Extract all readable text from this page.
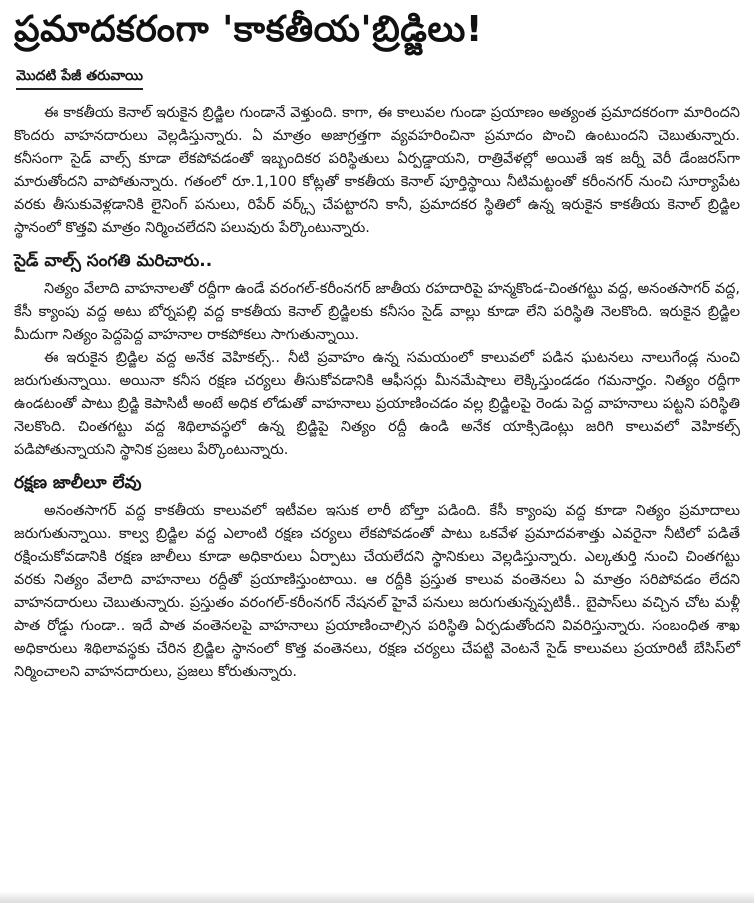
ప్రమాదకరంగా 'కాకతీయ'బ్రిడ్జిలు!
మొదటి పేజీ తరువాయి

ఈ కాకతీయ కెనాల్ ఇరుకైన బ్రిడ్జిల గుండానే వెళ్తుంది. కాగా, ఈ కాలువల గుండా ప్రయాణం అత్యంత ప్రమాదకరంగా మారిందని కొందరు వాహనదారులు వెల్లడిస్తున్నారు. ఏ మాత్రం అజాగ్రత్తగా వ్యవహరించినా ప్రమాదం పొంచి ఉంటుందని చెబుతున్నారు. కనీసంగా సైడ్ వాల్స్ కూడా లేకపోవడంతో ఇబ్బందికర పరిస్థితులు ఏర్పడ్డాయని, రాత్రివేళల్లో అయితే ఇక జర్నీ వెరీ డేంజరస్‌గా మారుతోందని వాపోతున్నారు. గతంలో రూ.1,100 కోట్లతో కాకతీయ కెనాల్ పూర్తిస్థాయి నీటిమట్టంతో కరీంనగర్ నుంచి సూర్యాపేట వరకు తీసుకువెళ్లడానికి లైనింగ్ పనులు, రిపేర్ వర్క్స్ చేపట్టారని కానీ, ప్రమాదకర స్థితిలో ఉన్న ఇరుకైన కాకతీయ కెనాల్ బ్రిడ్జిల స్థానంలో కొత్తవి మాత్రం నిర్మించలేదని పలువురు పేర్కొంటున్నారు.

సైడ్ వాల్స్ సంగతి మరిచారు..

నిత్యం వేలాది వాహనాలతో రద్దీగా ఉండే వరంగల్-కరీంనగర్ జాతీయ రహదారిపై హన్మకొండ-చింతగట్టు వద్ద, అనంతసాగర్ వద్ద, కేసీ క్యాంపు వద్ద అటు బోర్నపల్లి వద్ద కాకతీయ కెనాల్ బ్రిడ్జిలకు కనీసం సైడ్ వాల్లు కూడా లేని పరిస్థితి నెలకొంది. ఇరుకైన బ్రిడ్జిల మీదుగా నిత్యం పెద్దపెద్ద వాహనాల రాకపోకలు సాగుతున్నాయి.

ఈ ఇరుకైన బ్రిడ్జిల వద్ద అనేక వెహికల్స్.. నీటి ప్రవాహం ఉన్న సమయంలో కాలువలో పడిన ఘటనలు నాలుగేండ్ల నుంచి జరుగుతున్నాయి. అయినా కనీస రక్షణ చర్యలు తీసుకోవడానికి ఆఫీసర్లు మీనమేషాలు లెక్కిస్తుండడం గమనార్హం. నిత్యం రద్దీగా ఉండటంతో పాటు బ్రిడ్జి కెపాసిటీ అంటే అధిక లోడుతో వాహనాలు ప్రయాణించడం వల్ల బ్రిడ్జిలపై రెండు పెద్ద వాహనాలు పట్టని పరిస్థితి నెలకొంది. చింతగట్టు వద్ద శిథిలావస్థలో ఉన్న బ్రిడ్జిపై నిత్యం రద్దీ ఉండి అనేక యాక్సిడెంట్లు జరిగి కాలువలో వెహికల్స్ పడిపోతున్నాయని స్థానిక ప్రజలు పేర్కొంటున్నారు.

రక్షణ జాలీలూ లేవు

అనంతసాగర్ వద్ద కాకతీయ కాలువలో ఇటీవల ఇసుక లారీ బోల్తా పడింది. కేసీ క్యాంపు వద్ద కూడా నిత్యం ప్రమాదాలు జరుగుతున్నాయి. కాల్వ బ్రిడ్జిల వద్ద ఎలాంటి రక్షణ చర్యలు లేకపోవడంతో పాటు ఒకవేళ ప్రమాదవశాత్తు ఎవరైనా నీటిలో పడితే రక్షించుకోవడానికి రక్షణ జాలీలు కూడా అధికారులు ఏర్పాటు చేయలేదని స్థానికులు వెల్లడిస్తున్నారు. ఎల్కతుర్తి నుంచి చింతగట్టు వరకు నిత్యం వేలాది వాహనాలు రద్దీతో ప్రయాణిస్తుంటాయి. ఆ రద్దీకి ప్రస్తుత కాలువ వంతెనలు ఏ మాత్రం సరిపోవడం లేదని వాహనదారులు చెబుతున్నారు. ప్రస్తుతం వరంగల్-కరీంనగర్ నేషనల్ హైవే పనులు జరుగుతున్నప్పటికీ.. బైపాస్‌లు వచ్చిన చోట మళ్లీ పాత రోడ్డు గుండా.. ఇదే పాత వంతెనలపై వాహనాలు ప్రయాణించాల్సిన పరిస్థితి ఏర్పడుతోందని వివరిస్తున్నారు. సంబంధిత శాఖ అధికారులు శిథిలావస్థకు చేరిన బ్రిడ్జిల స్థానంలో కొత్త వంతెనలు, రక్షణ చర్యలు చేపట్టి వెంటనే సైడ్ కాలువలు ప్రయారిటీ బేసిస్‌లో నిర్మించాలని వాహనదారులు, ప్రజలు కోరుతున్నారు.
